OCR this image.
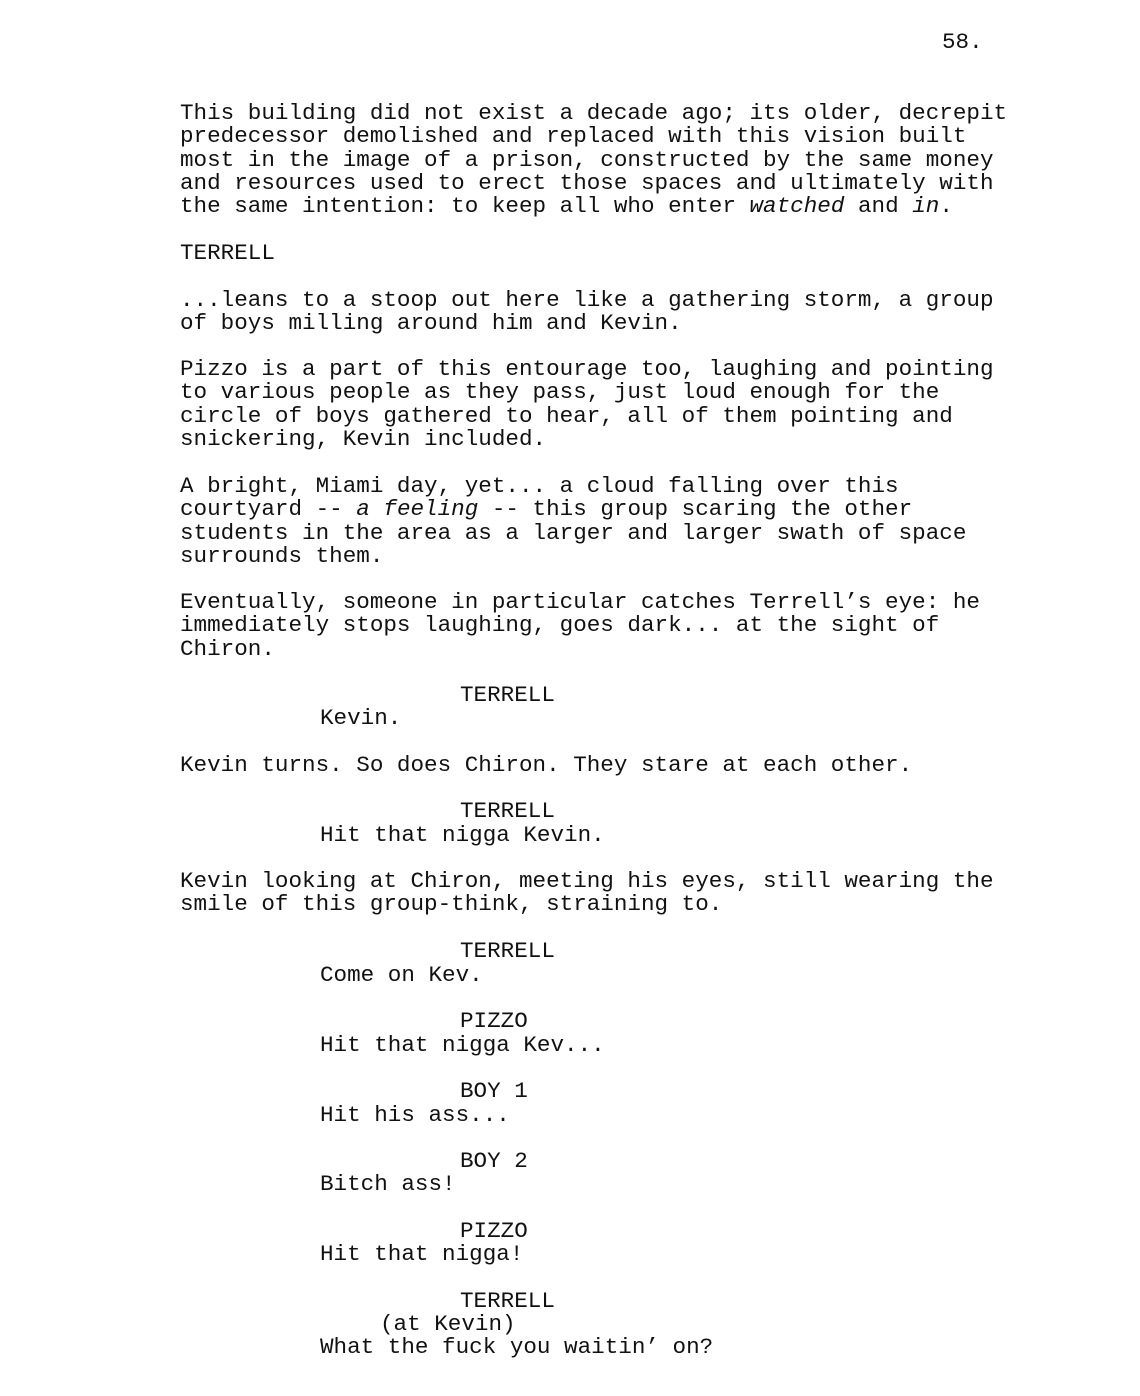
58.
This building did not exist a decade ago; its older, decrepit
predecessor demolished and replaced with this vision built
most in the image of a prison, constructed by the same money
and resources used to erect those spaces and ultimately with
the same intention: to keep all who enter watched and in.
TERRELL
...leans to a stoop out here like a gathering storm, a group
of boys milling around him and Kevin.
Pizzo is a part of this entourage too, laughing and pointing
to various people as they pass, just loud enough for the
circle of boys gathered to hear, all of them pointing and
snickering, Kevin included.
A bright, Miami day, yet... a cloud falling over this
courtyard -- a feeling -- this group scaring the other
students in the area as a larger and larger swath of space
surrounds them.
Eventually, someone in particular catches Terrell’s eye: he
immediately stops laughing, goes dark... at the sight of
Chiron.
TERRELL
Kevin.
Kevin turns. So does Chiron. They stare at each other.
TERRELL
Hit that nigga Kevin.
Kevin looking at Chiron, meeting his eyes, still wearing the
smile of this group-think, straining to.
TERRELL
Come on Kev.
PIZZO
Hit that nigga Kev...
BOY 1
Hit his ass...
BOY 2
Bitch ass!
PIZZO
Hit that nigga!
TERRELL
(at Kevin)
What the fuck you waitin’ on?
